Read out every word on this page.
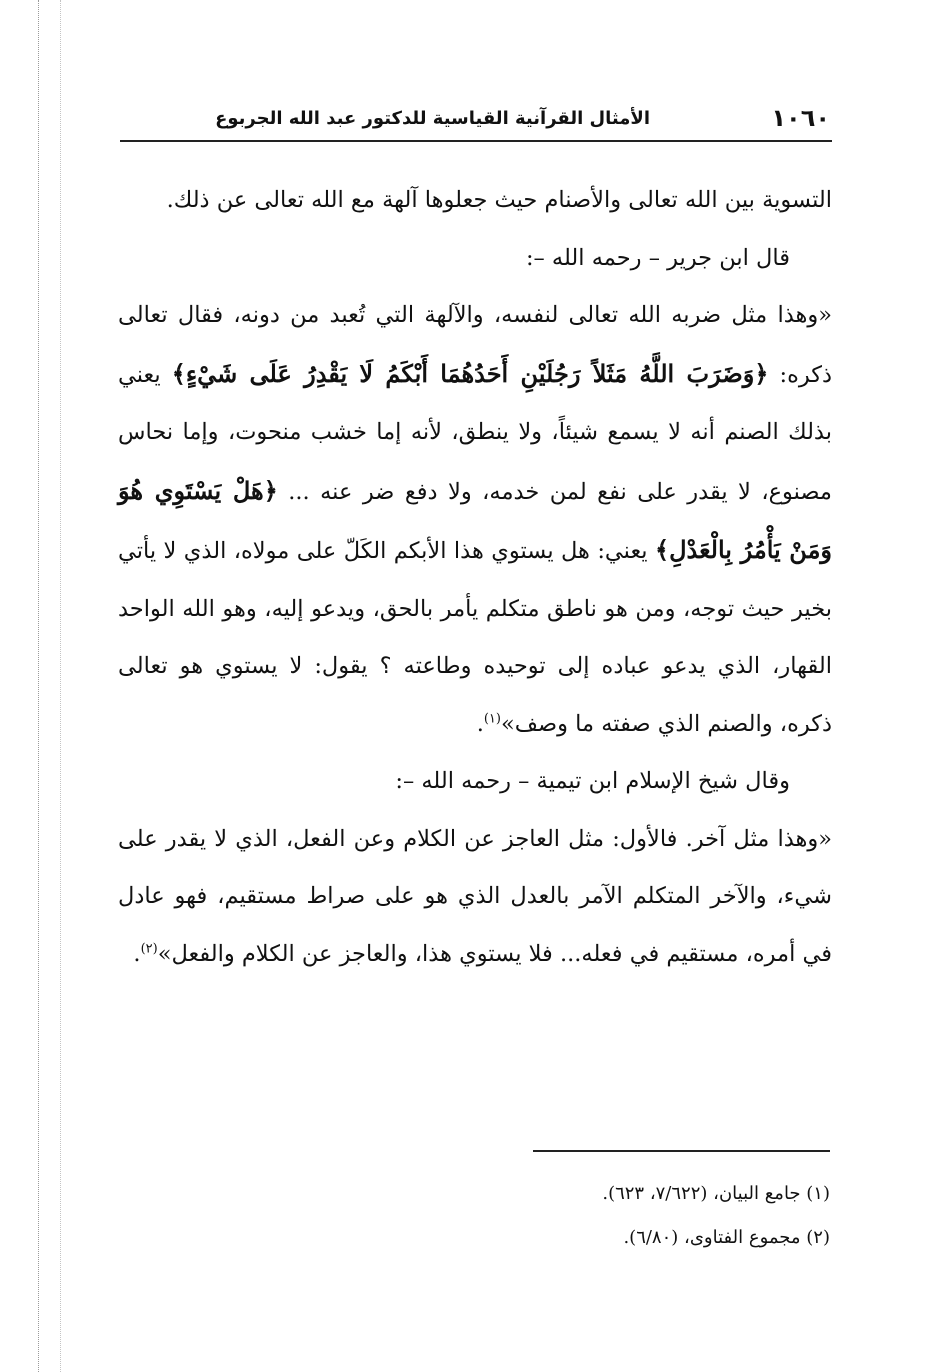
١٠٦٠
الأمثال القرآنية القياسية للدكتور عبد الله الجربوع

التسوية بين الله تعالى والأصنام حيث جعلوها آلهة مع الله تعالى عن ذلك.

قال ابن جرير – رحمه الله –:

«وهذا مثل ضربه الله تعالى لنفسه، والآلهة التي تُعبد من دونه، فقال تعالى ذكره: ﴿وَضَرَبَ اللَّهُ مَثَلاً رَجُلَيْنِ أَحَدُهُمَا أَبْكَمُ لَا يَقْدِرُ عَلَى شَيْءٍ﴾ يعني بذلك الصنم أنه لا يسمع شيئاً، ولا ينطق، لأنه إما خشب منحوت، وإما نحاس مصنوع، لا يقدر على نفع لمن خدمه، ولا دفع ضر عنه ... ﴿هَلْ يَسْتَوِي هُوَ وَمَنْ يَأْمُرُ بِالْعَدْلِ﴾ يعني: هل يستوي هذا الأبكم الكَلّ على مولاه، الذي لا يأتي بخير حيث توجه، ومن هو ناطق متكلم يأمر بالحق، ويدعو إليه، وهو الله الواحد القهار، الذي يدعو عباده إلى توحيده وطاعته ؟ يقول: لا يستوي هو تعالى ذكره، والصنم الذي صفته ما وصف»$^{(١)}$.

وقال شيخ الإسلام ابن تيمية – رحمه الله –:

«وهذا مثل آخر. فالأول: مثل العاجز عن الكلام وعن الفعل، الذي لا يقدر على شيء، والآخر المتكلم الآمر بالعدل الذي هو على صراط مستقيم، فهو عادل في أمره، مستقيم في فعله... فلا يستوي هذا، والعاجز عن الكلام والفعل»$^{(٢)}$.

(١) جامع البيان، (٧/٦٢٢، ٦٢٣).

(٢) مجموع الفتاوى، (٦/٨٠).
